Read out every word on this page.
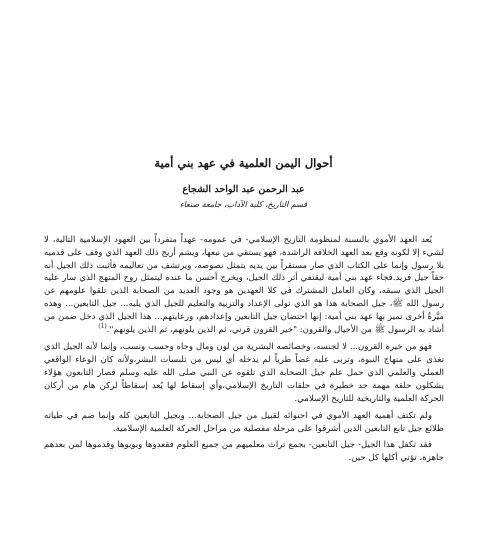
أحوال اليمن العلمية في عهد بني أمية
عبد الرحمن عبد الواحد الشجاع
قسم التاريخ، كلية الآداب، جامعة صنعاء

يُعد العهد الأموي بالنسبة لمنظومة التاريخ الإسلامي- في عمومه- عهداً متفرداً بين العهود الإسلامية التالية، لا لشيء إلا لكونه وقع بعد العهد الخلافة الراشدة، فهو يستقي من نبعها، ويشم أريج ذلك العهد الذي وقف على قدميه بلا رسول وإنما على الكتاب الذي صار مستقراً بين يديه يتمثل نصوصه، ويرتشف من تعاليمه فأثبت ذلك الجيل أنه حقاً جيل فريد.فجاء عهد بني أمية ليقتفي أثر ذلك الجيل، ويخرج أحسن ما عنده ليتمثل روح المنهج الذي سار عليه الجيل الذي سبقه، وكان العامل المشترك في كلا العهدين هو وجود العديد من الصحابة الذين تلقوا علومهم عن رسول الله ﷺ، جيل الصحابة هذا هو الذي تولى الإعداد والتربية والتعليم للجيل الذي يليه... جيل التابعين... وهذه ميَّزةٌ أخرى تميز بها عهد بني أمية: إنها احتضان جيل التابعين وإعدادهم، ورعايتهم... هذا الجيل الذي دخل ضمن من أشاد به الرسول ﷺ من الأجيال والقرون: "خير القرون قرني، ثم الذين يلونهم، ثم الذين يلونهم".$^{(1)}$

فهو من خيرة القرون... لا لجنسه، وخصائصه البشرية من لون ومال وجاه وحسب ونسب، وإنما لأنه الجيل الذي تغذى على منهاج النبوة، وتربى عليه غضاً طرياً لم يدخله أي ليس من تلبسات البشر،ولأنه كان الوعاء الواقعي العملي والعلمي الذي حمل علم جيل الصحابة الذي تلقوه عن النبي صلى الله عليه وسلم فصار التابعون هؤلاء يشكلون حلقة مهمة جد خطيرة في حلقات التاريخ الإسلامي،وأي إسقاط لها يُعد إسقاطاً لركن هام من أركان الحركة العلمية والتاريخية للتاريخ الإسلامي.

ولم تكتف أهمية العهد الأموي في احتوائه لقبيل من جيل الصحابة... وبجيل التابعين كله وإنما ضم في طياته طلائع جيل تابع التابعين الذين أشرقوا على مرحلة مفصلية من مراحل الحركة العلمية الإسلامية.

فقد تكفل هذا الجيل- جيل التابعين- بجمع تراث معلميهم من جميع العلوم فقعدوها وبوبوها وقدموها لمن بعدهم جاهزة، تؤتي أكلها كل حين.
